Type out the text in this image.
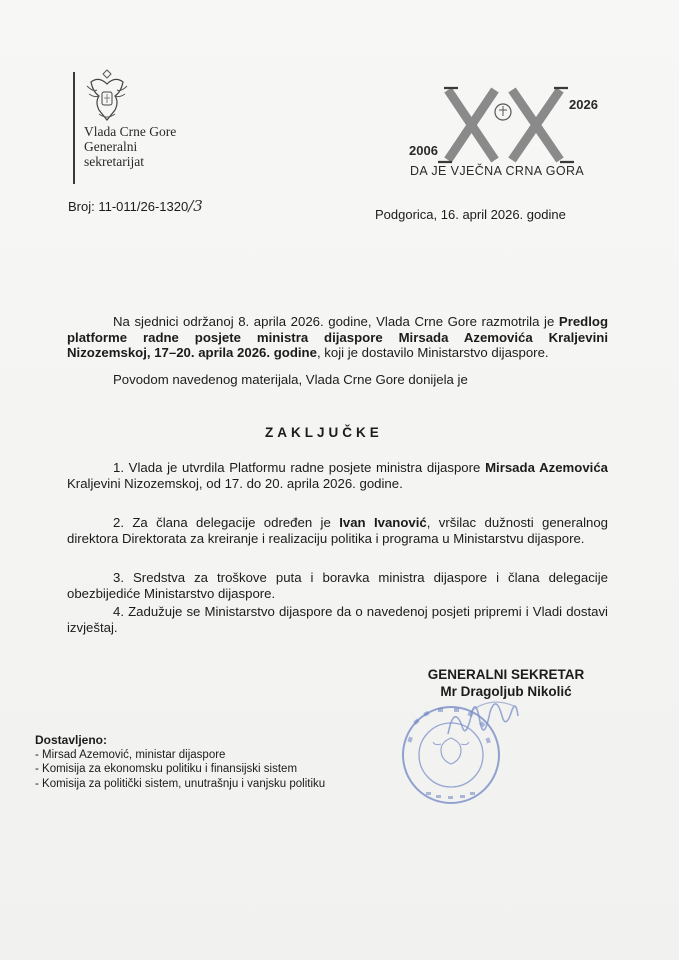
Vlada Crne Gore
Generalni
sekretarijat
2026
2006
DA JE VJEČNA CRNA GORA
Broj: 11-011/26-1320/3	Podgorica, 16. april 2026. godine

Na sjednici održanoj 8. aprila 2026. godine, Vlada Crne Gore razmotrila je Predlog platforme radne posjete ministra dijaspore Mirsada Azemovića Kraljevini Nizozemskoj, 17–20. aprila 2026. godine, koji je dostavilo Ministarstvo dijaspore.

Povodom navedenog materijala, Vlada Crne Gore donijela je

ZAKLJUČKE

1. Vlada je utvrdila Platformu radne posjete ministra dijaspore Mirsada Azemovića Kraljevini Nizozemskoj, od 17. do 20. aprila 2026. godine.

2. Za člana delegacije određen je Ivan Ivanović, vršilac dužnosti generalnog direktora Direktorata za kreiranje i realizaciju politika i programa u Ministarstvu dijaspore.

3. Sredstva za troškove puta i boravka ministra dijaspore i člana delegacije obezbijediće Ministarstvo dijaspore.

4. Zadužuje se Ministarstvo dijaspore da o navedenoj posjeti pripremi i Vladi dostavi izvještaj.

GENERALNI SEKRETAR
Mr Dragoljub Nikolić
Dostavljeno:
- Mirsad Azemović, ministar dijaspore
- Komisija za ekonomsku politiku i finansijski sistem
- Komisija za politički sistem, unutrašnju i vanjsku politiku
